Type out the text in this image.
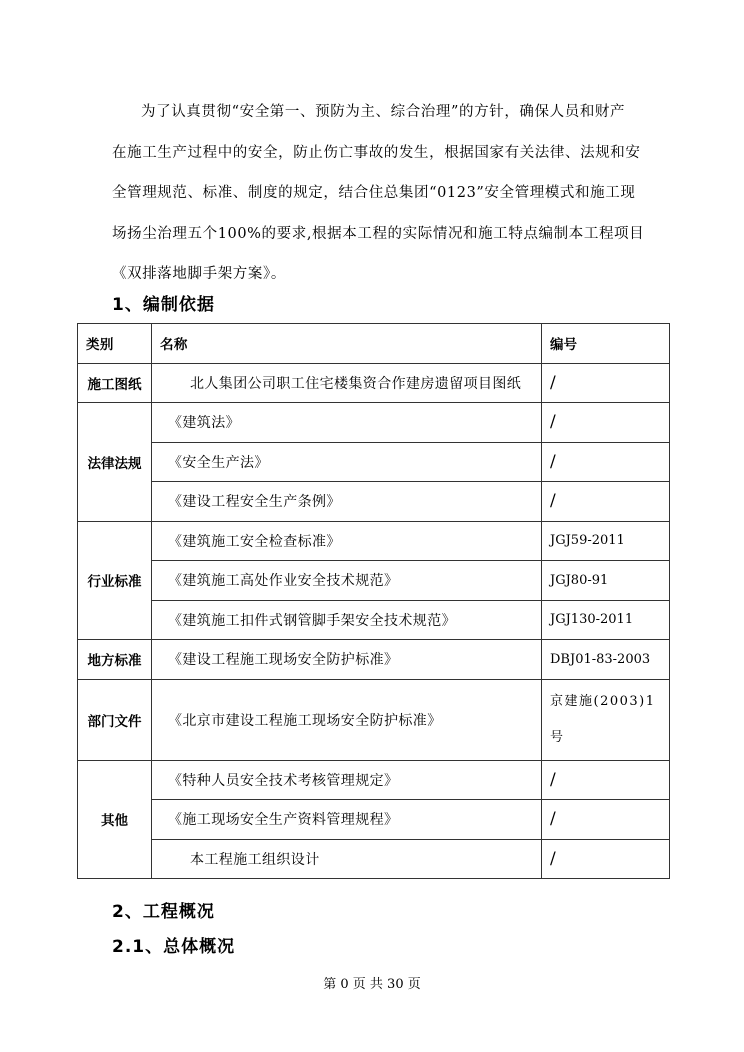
为了认真贯彻“安全第一、预防为主、综合治理”的方针，确保人员和财产

在施工生产过程中的安全，防止伤亡事故的发生，根据国家有关法律、法规和安

全管理规范、标准、制度的规定，结合住总集团“0123”安全管理模式和施工现

场扬尘治理五个100%的要求,根据本工程的实际情况和施工特点编制本工程项目

《双排落地脚手架方案》。

1、编制依据
类别	名称	编号
施工图纸	北人集团公司职工住宅楼集资合作建房遗留项目图纸	/
法律法规	《建筑法》	/
	《安全生产法》	/
	《建设工程安全生产条例》	/
行业标准	《建筑施工安全检查标准》	JGJ59-2011
	《建筑施工高处作业安全技术规范》	JGJ80-91
	《建筑施工扣件式钢管脚手架安全技术规范》	JGJ130-2011
地方标准	《建设工程施工现场安全防护标准》	DBJ01-83-2003
部门文件	《北京市建设工程施工现场安全防护标准》	京建施(2003)1
号

其他	《特种人员安全技术考核管理规定》	/
	《施工现场安全生产资料管理规程》	/
	本工程施工组织设计	/
2、工程概况
2.1、总体概况
第 0 页 共 30 页
